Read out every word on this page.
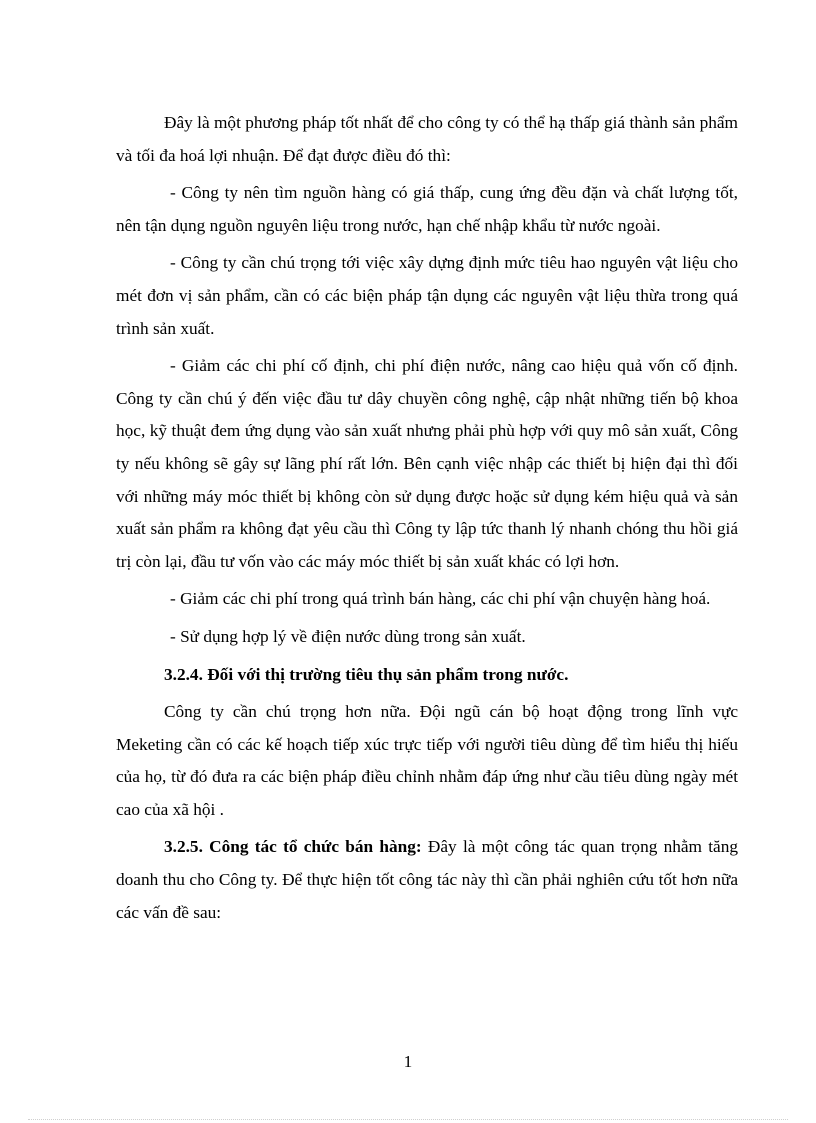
Đây là một phương pháp tốt nhất để cho công ty có thể hạ thấp giá thành sản phẩm và tối đa hoá lợi nhuận. Để đạt được điều đó thì:

- Công ty nên tìm nguồn hàng có giá thấp, cung ứng đều đặn và chất lượng tốt, nên tận dụng nguồn nguyên liệu trong nước, hạn chế nhập khẩu từ nước ngoài.

- Công ty cần chú trọng tới việc xây dựng định mức tiêu hao nguyên vật liệu cho mét đơn vị sản phẩm, cần có các biện pháp tận dụng các nguyên vật liệu thừa trong quá trình sản xuất.

- Giảm các chi phí cố định, chi phí điện nước, nâng cao hiệu quả vốn cố định. Công ty cần chú ý đến việc đầu tư dây chuyền công nghệ, cập nhật những tiến bộ khoa học, kỹ thuật đem ứng dụng vào sản xuất nhưng phải phù hợp với quy mô sản xuất, Công ty nếu không sẽ gây sự lãng phí rất lớn. Bên cạnh việc nhập các thiết bị hiện đại thì đối với những máy móc thiết bị không còn sử dụng được hoặc sử dụng kém hiệu quả và sản xuất sản phẩm ra không đạt yêu cầu thì Công ty lập tức thanh lý nhanh chóng thu hồi giá trị còn lại, đầu tư vốn vào các máy móc thiết bị sản xuất khác có lợi hơn.

- Giảm các chi phí trong quá trình bán hàng, các chi phí vận chuyện hàng hoá.

- Sử dụng hợp lý về điện nước dùng trong sản xuất.

3.2.4. Đối với thị trường tiêu thụ sản phẩm trong nước.

Công ty cần chú trọng hơn nữa. Đội ngũ cán bộ hoạt động trong lĩnh vực Meketing cần có các kế hoạch tiếp xúc trực tiếp với người tiêu dùng để tìm hiểu thị hiếu của họ, từ đó đưa ra các biện pháp điều chỉnh nhằm đáp ứng như cầu tiêu dùng ngày mét cao của xã hội .

3.2.5. Công tác tổ chức bán hàng: Đây là một công tác quan trọng nhằm tăng doanh thu cho Công ty. Để thực hiện tốt công tác này thì cần phải nghiên cứu tốt hơn nữa các vấn đề sau:

1
